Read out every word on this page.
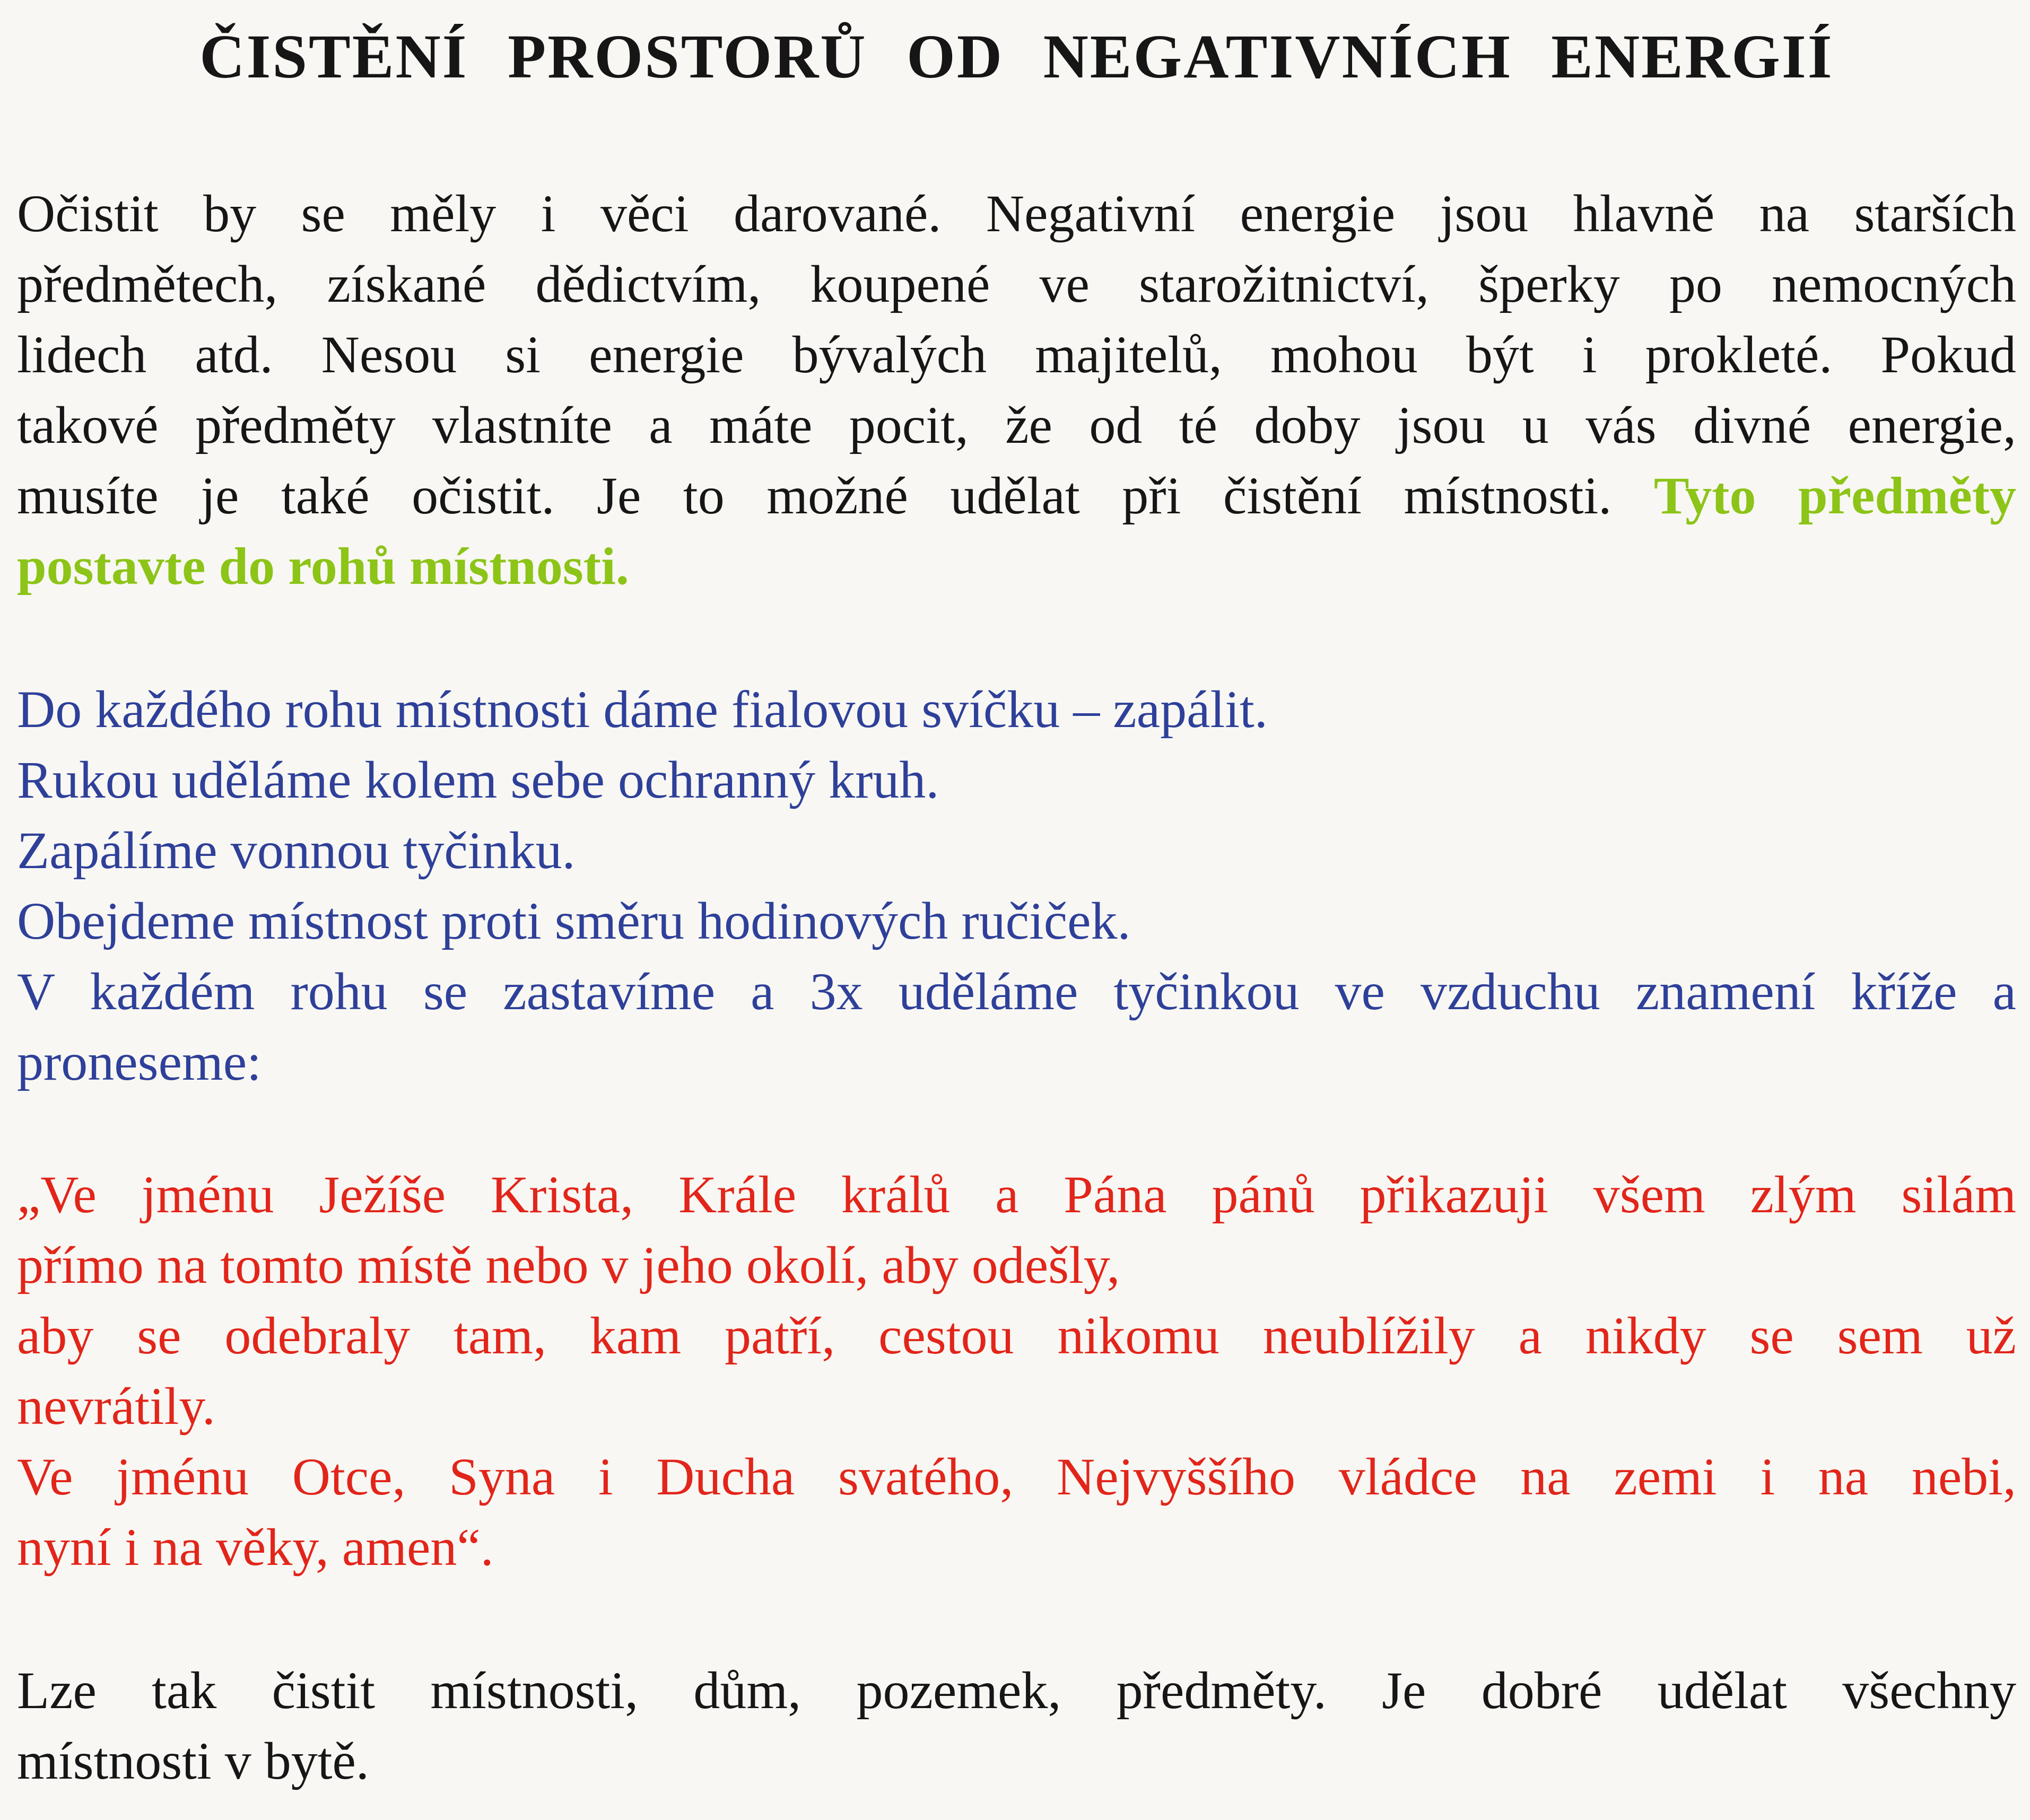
ČISTĚNÍ PROSTORŮ OD NEGATIVNÍCH ENERGIÍ
Očistit by se měly i věci darované. Negativní energie jsou hlavně na starších
předmětech, získané dědictvím, koupené ve starožitnictví, šperky po nemocných
lidech atd. Nesou si energie bývalých majitelů, mohou být i prokleté. Pokud
takové předměty vlastníte a máte pocit, že od té doby jsou u vás divné energie,
musíte je také očistit. Je to možné udělat při čistění místnosti. Tyto předměty
postavte do rohů místnosti.
Do každého rohu místnosti dáme fialovou svíčku – zapálit.
Rukou uděláme kolem sebe ochranný kruh.
Zapálíme vonnou tyčinku.
Obejdeme místnost proti směru hodinových ručiček.
V každém rohu se zastavíme a 3x uděláme tyčinkou ve vzduchu znamení kříže a
proneseme:
„Ve jménu Ježíše Krista, Krále králů a Pána pánů přikazuji všem zlým silám
přímo na tomto místě nebo v jeho okolí, aby odešly,
aby se odebraly tam, kam patří, cestou nikomu neublížily a nikdy se sem už
nevrátily.
Ve jménu Otce, Syna i Ducha svatého, Nejvyššího vládce na zemi i na nebi,
nyní i na věky, amen“.
Lze tak čistit místnosti, dům, pozemek, předměty. Je dobré udělat všechny
místnosti v bytě.
